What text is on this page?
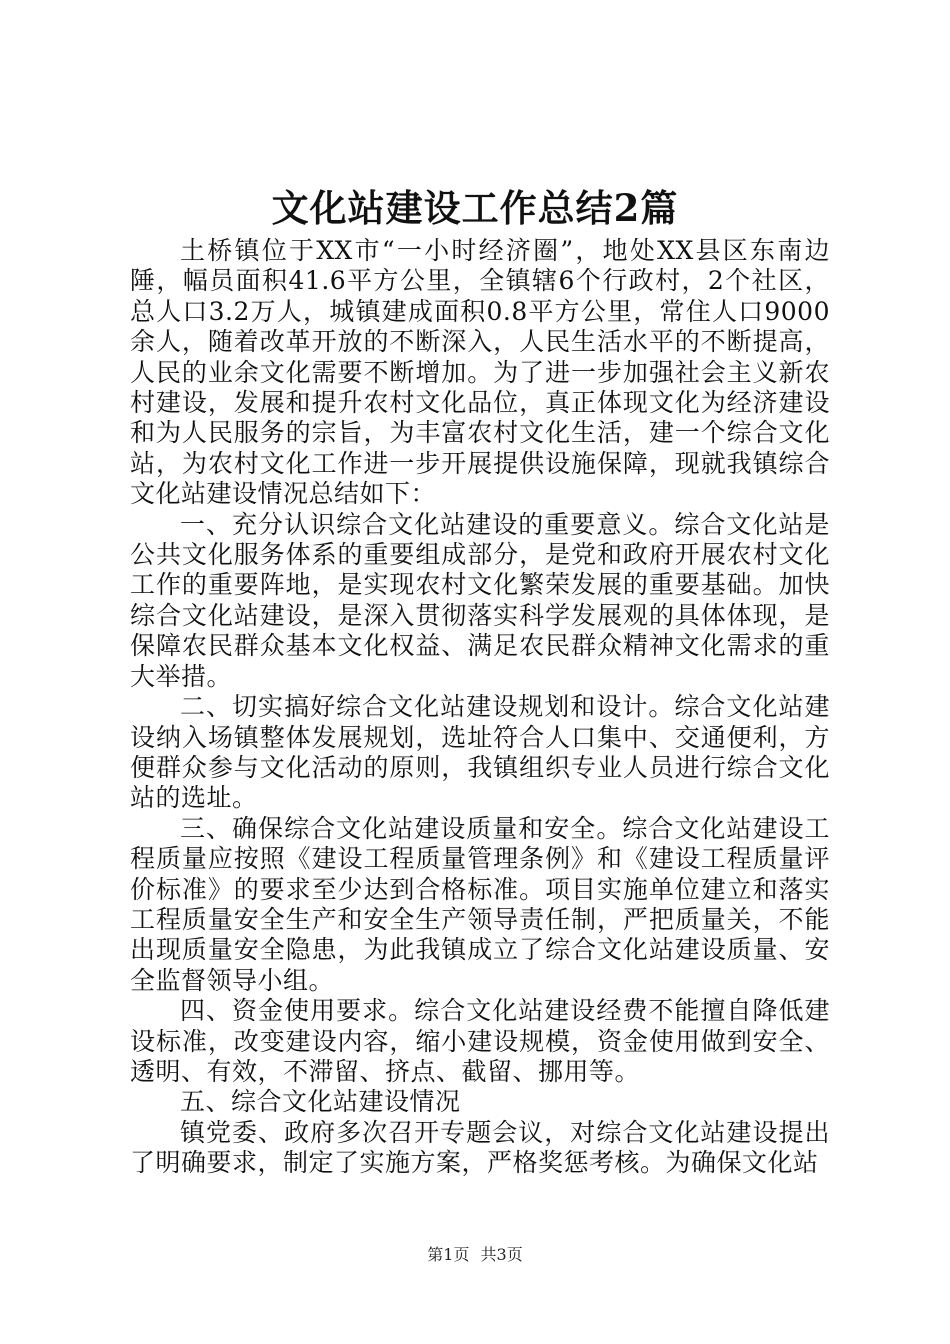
文化站建设工作总结2篇

土桥镇位于XX市“一小时经济圈”，地处XX县区东南边陲，幅员面积41.6平方公里，全镇辖6个行政村，2个社区，总人口3.2万人，城镇建成面积0.8平方公里，常住人口9000余人，随着改革开放的不断深入，人民生活水平的不断提高，人民的业余文化需要不断增加。为了进一步加强社会主义新农村建设，发展和提升农村文化品位，真正体现文化为经济建设和为人民服务的宗旨，为丰富农村文化生活，建一个综合文化站，为农村文化工作进一步开展提供设施保障，现就我镇综合文化站建设情况总结如下：

一、充分认识综合文化站建设的重要意义。综合文化站是公共文化服务体系的重要组成部分，是党和政府开展农村文化工作的重要阵地，是实现农村文化繁荣发展的重要基础。加快综合文化站建设，是深入贯彻落实科学发展观的具体体现，是保障农民群众基本文化权益、满足农民群众精神文化需求的重大举措。

二、切实搞好综合文化站建设规划和设计。综合文化站建设纳入场镇整体发展规划，选址符合人口集中、交通便利，方便群众参与文化活动的原则，我镇组织专业人员进行综合文化站的选址。

三、确保综合文化站建设质量和安全。综合文化站建设工程质量应按照《建设工程质量管理条例》和《建设工程质量评价标准》的要求至少达到合格标准。项目实施单位建立和落实工程质量安全生产和安全生产领导责任制，严把质量关，不能出现质量安全隐患，为此我镇成立了综合文化站建设质量、安全监督领导小组。

四、资金使用要求。综合文化站建设经费不能擅自降低建设标准，改变建设内容，缩小建设规模，资金使用做到安全、透明、有效，不滞留、挤点、截留、挪用等。

五、综合文化站建设情况

镇党委、政府多次召开专题会议，对综合文化站建设提出了明确要求，制定了实施方案，严格奖惩考核。为确保文化站

第1页 共3页
